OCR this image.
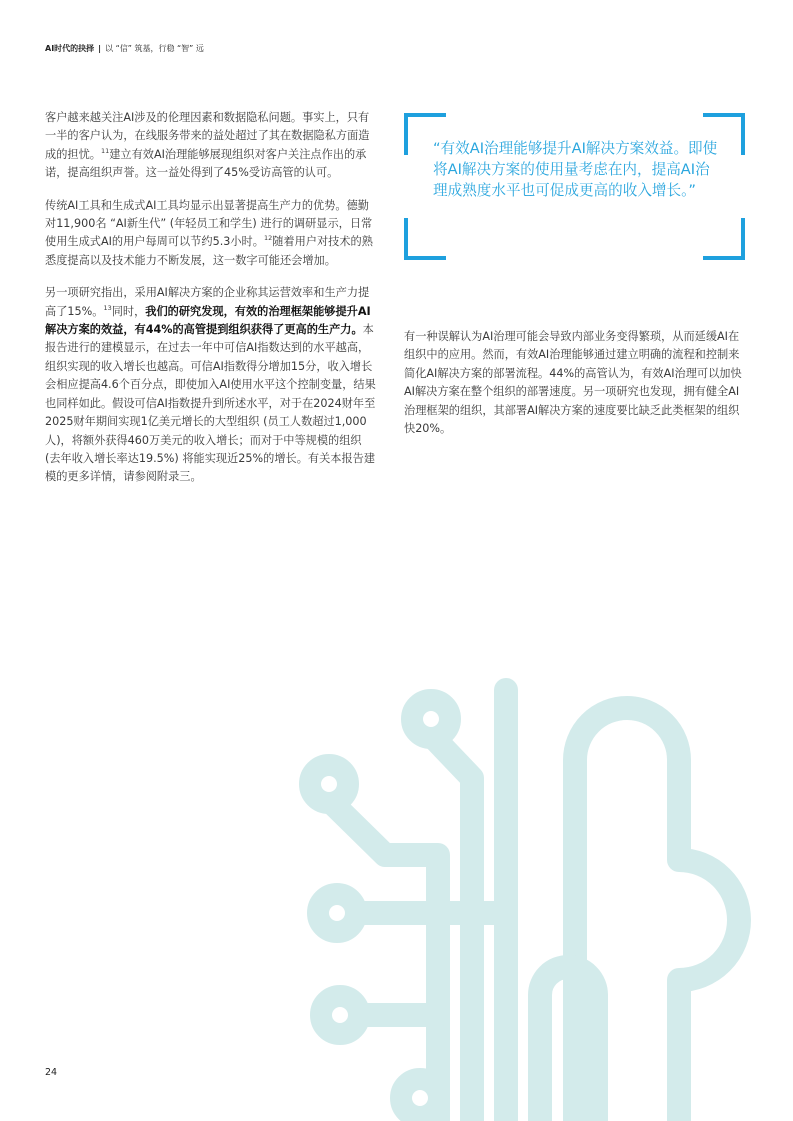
AI时代的抉择 | 以 “信” 筑基，行稳 “智” 远

客户越来越关注AI涉及的伦理因素和数据隐私问题。事实上，只有一半的客户认为，在线服务带来的益处超过了其在数据隐私方面造成的担忧。$^{11}$建立有效AI治理能够展现组织对客户关注点作出的承诺，提高组织声誉。这一益处得到了45%受访高管的认可。

传统AI工具和生成式AI工具均显示出显著提高生产力的优势。德勤对11,900名 “AI新生代” (年轻员工和学生) 进行的调研显示，日常使用生成式AI的用户每周可以节约5.3小时。$^{12}$随着用户对技术的熟悉度提高以及技术能力不断发展，这一数字可能还会增加。

另一项研究指出，采用AI解决方案的企业称其运营效率和生产力提高了15%。$^{13}$同时，我们的研究发现，有效的治理框架能够提升AI解决方案的效益，有44%的高管提到组织获得了更高的生产力。本报告进行的建模显示，在过去一年中可信AI指数达到的水平越高，组织实现的收入增长也越高。可信AI指数得分增加15分，收入增长会相应提高4.6个百分点，即使加入AI使用水平这个控制变量，结果也同样如此。假设可信AI指数提升到所述水平，对于在2024财年至2025财年期间实现1亿美元增长的大型组织 (员工人数超过1,000人)，将额外获得460万美元的收入增长；而对于中等规模的组织 (去年收入增长率达19.5%) 将能实现近25%的增长。有关本报告建模的更多详情，请参阅附录三。

“有效AI治理能够提升AI解决方案效益。即使将AI解决方案的使用量考虑在内，提高AI治理成熟度水平也可促成更高的收入增长。”

有一种误解认为AI治理可能会导致内部业务变得繁琐，从而延缓AI在组织中的应用。然而，有效AI治理能够通过建立明确的流程和控制来简化AI解决方案的部署流程。44%的高管认为，有效AI治理可以加快AI解决方案在整个组织的部署速度。另一项研究也发现，拥有健全AI治理框架的组织，其部署AI解决方案的速度要比缺乏此类框架的组织快20%。

24
